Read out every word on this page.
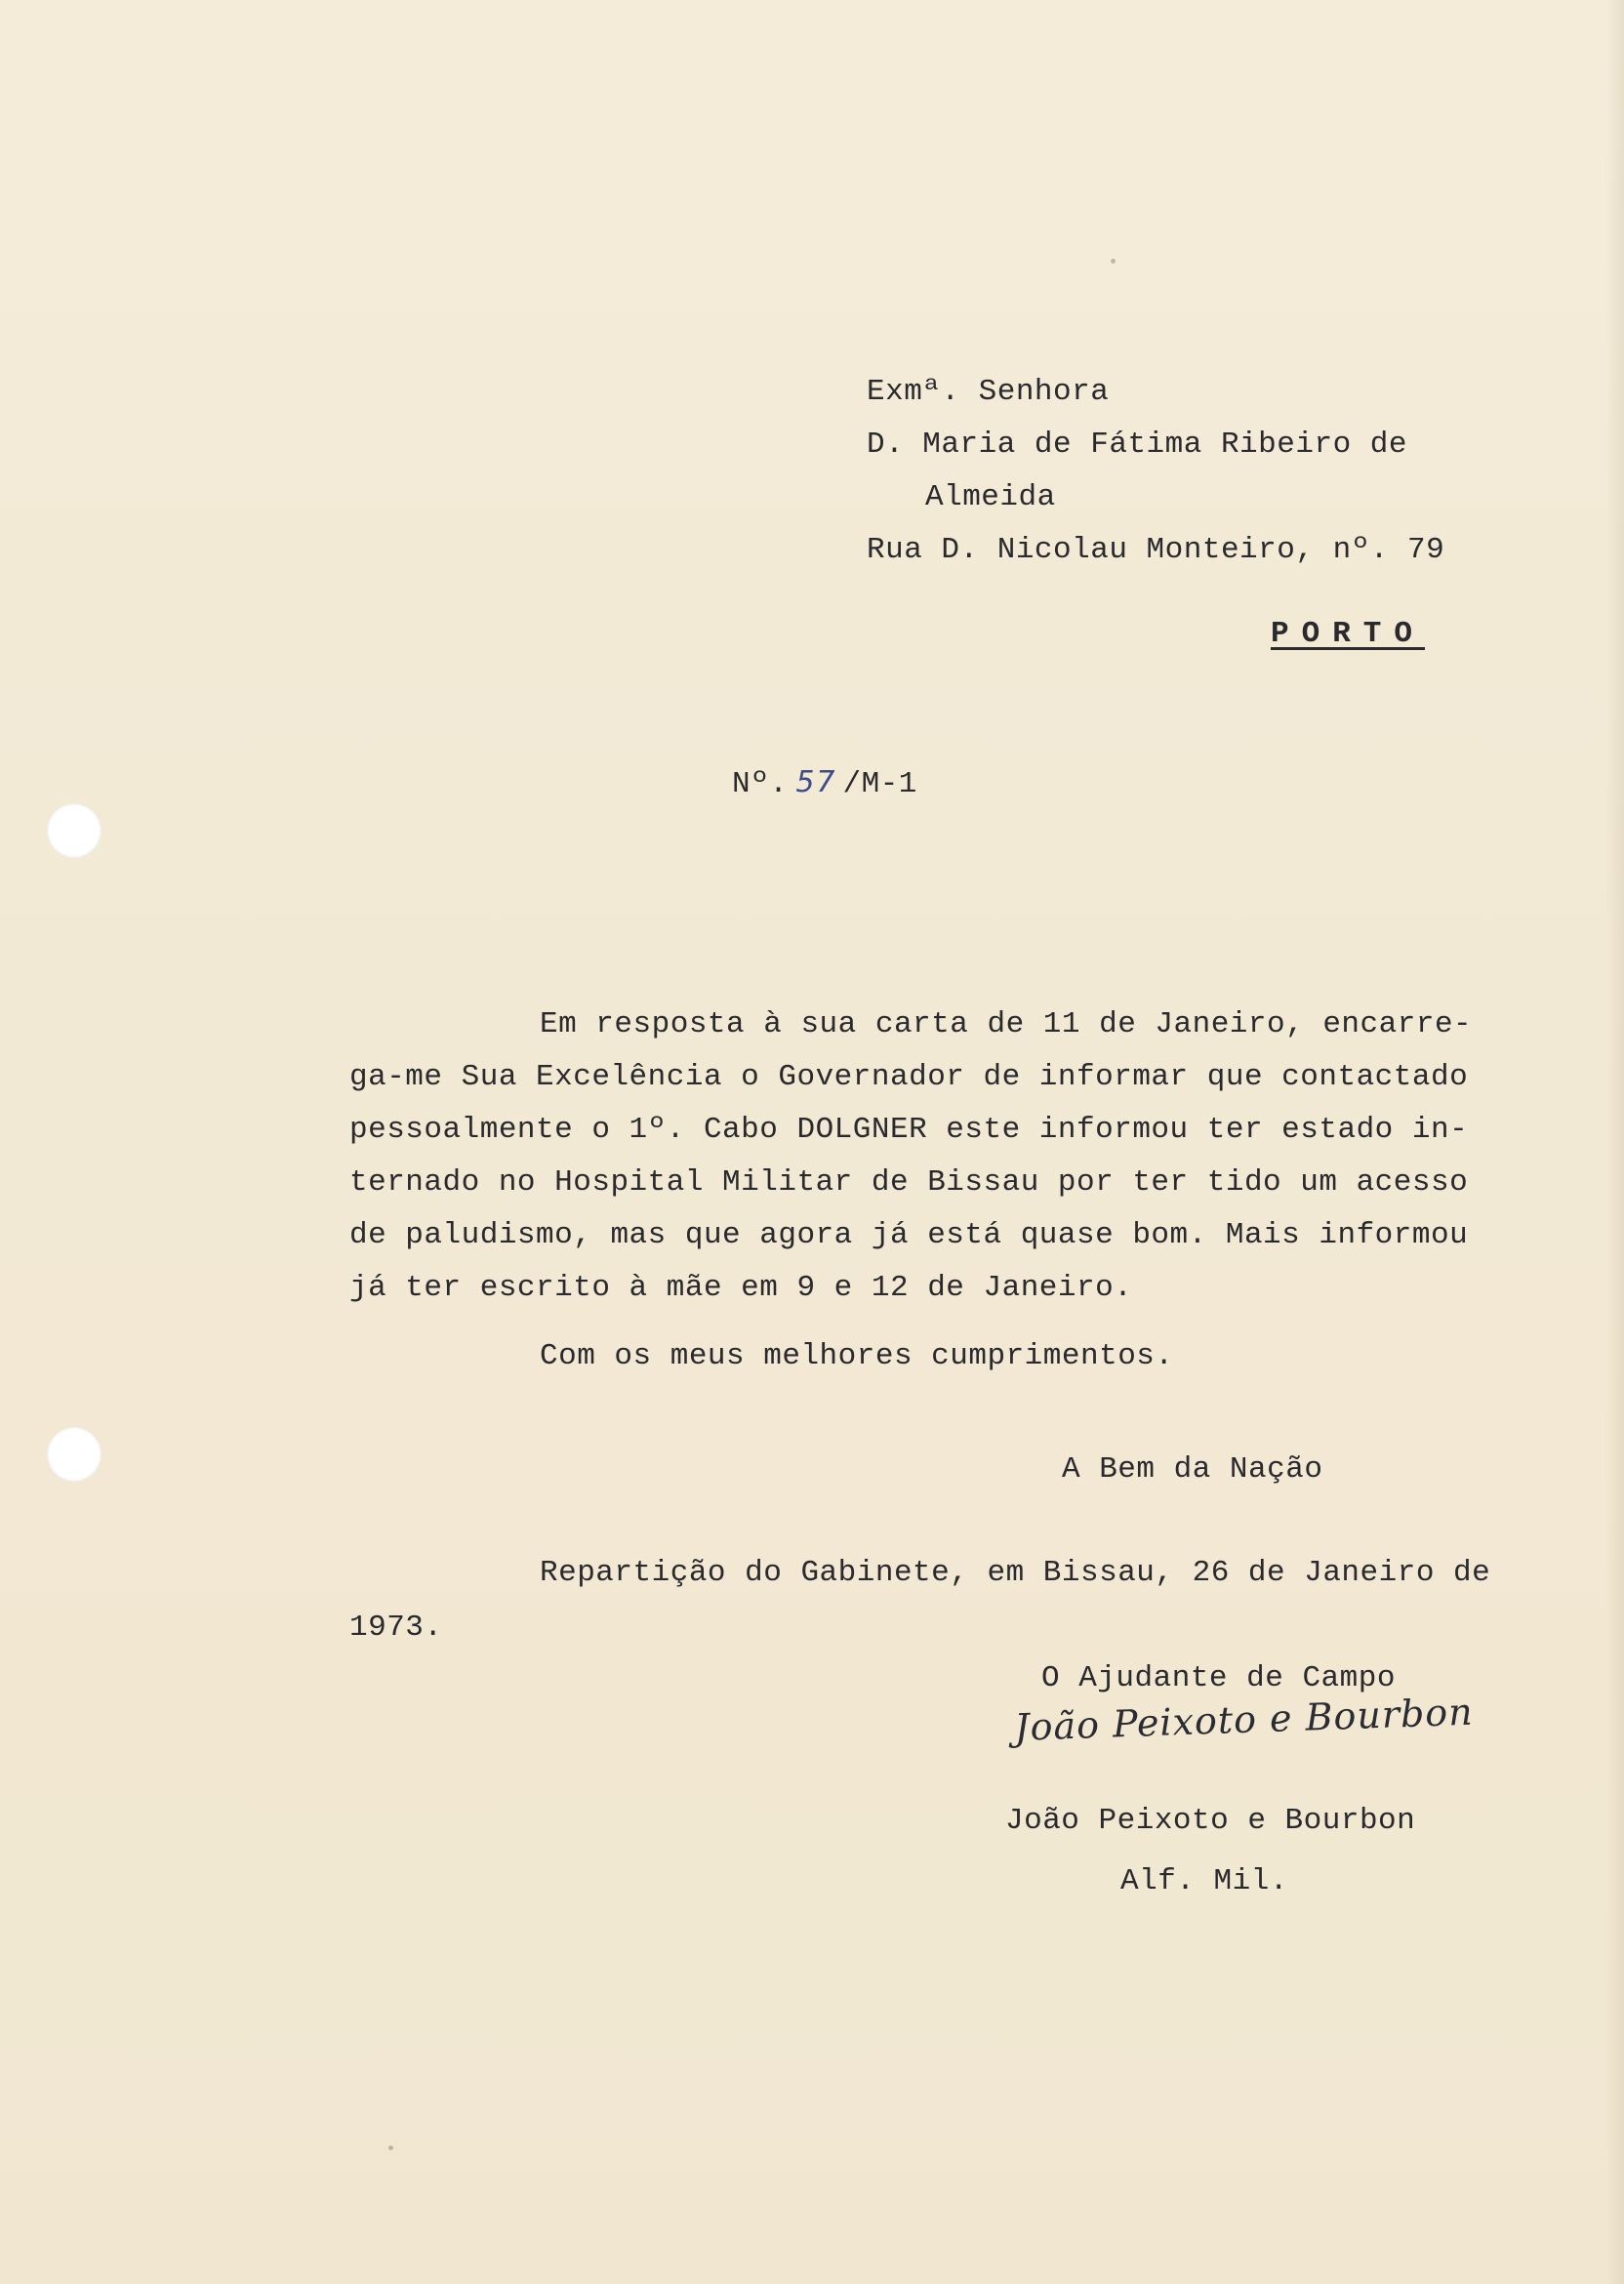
Exmª. Senhora
D. Maria de Fátima Ribeiro de
Almeida
Rua D. Nicolau Monteiro, nº. 79
PORTO
Nº. 57 /M-1
Em resposta à sua carta de 11 de Janeiro, encarre-
ga-me Sua Excelência o Governador de informar que contactado
pessoalmente o 1º. Cabo DOLGNER este informou ter estado in-
ternado no Hospital Militar de Bissau por ter tido um acesso
de paludismo, mas que agora já está quase bom. Mais informou
já ter escrito à mãe em 9 e 12 de Janeiro.
Com os meus melhores cumprimentos.
A Bem da Nação
Repartição do Gabinete, em Bissau, 26 de Janeiro de
1973.
O Ajudante de Campo
João Peixoto e Bourbon
João Peixoto e Bourbon
Alf. Mil.
